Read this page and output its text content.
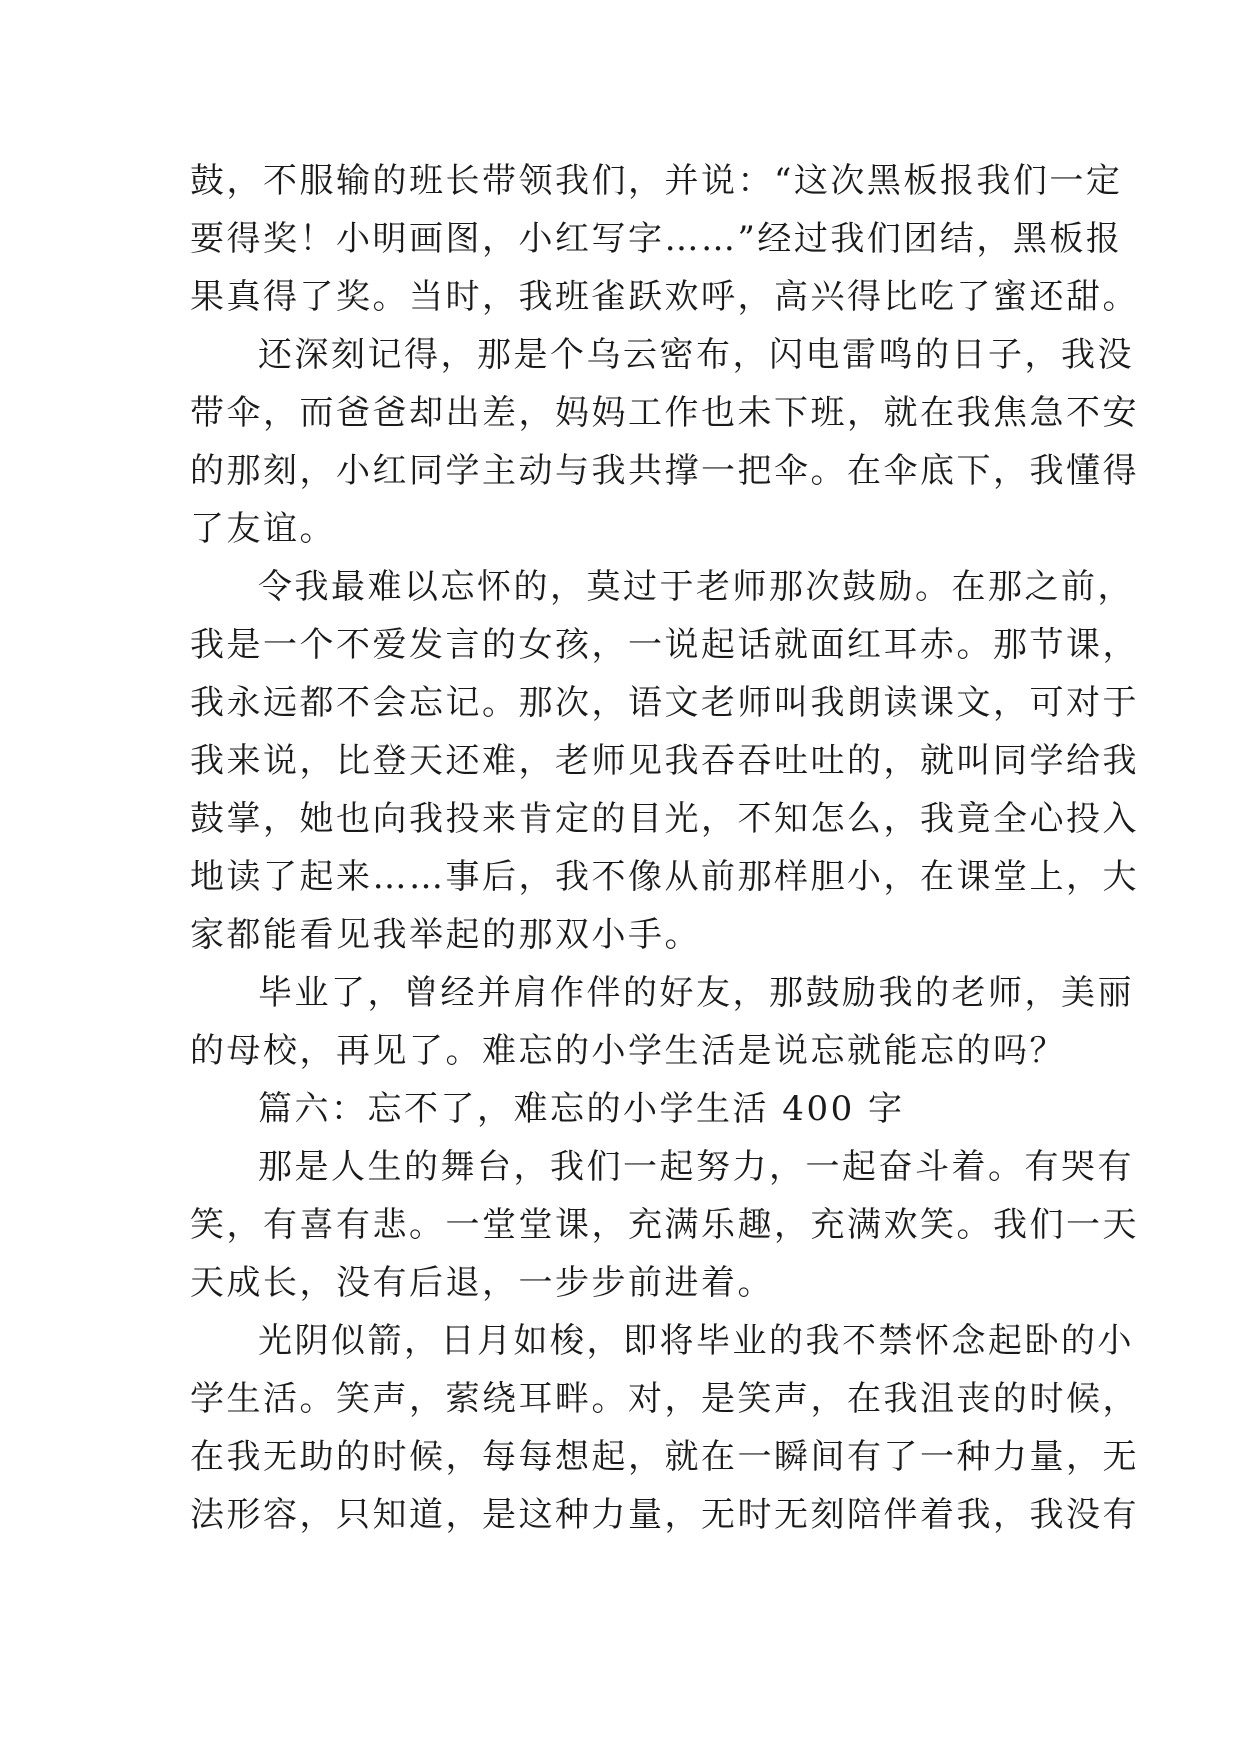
鼓，不服输的班长带领我们，并说：“这次黑板报我们一定
要得奖！小明画图，小红写字……”经过我们团结，黑板报
果真得了奖。当时，我班雀跃欢呼，高兴得比吃了蜜还甜。
还深刻记得，那是个乌云密布，闪电雷鸣的日子，我没
带伞，而爸爸却出差，妈妈工作也未下班，就在我焦急不安
的那刻，小红同学主动与我共撑一把伞。在伞底下，我懂得
了友谊。
令我最难以忘怀的，莫过于老师那次鼓励。在那之前，
我是一个不爱发言的女孩，一说起话就面红耳赤。那节课，
我永远都不会忘记。那次，语文老师叫我朗读课文，可对于
我来说，比登天还难，老师见我吞吞吐吐的，就叫同学给我
鼓掌，她也向我投来肯定的目光，不知怎么，我竟全心投入
地读了起来……事后，我不像从前那样胆小，在课堂上，大
家都能看见我举起的那双小手。
毕业了，曾经并肩作伴的好友，那鼓励我的老师，美丽
的母校，再见了。难忘的小学生活是说忘就能忘的吗？
篇六：忘不了，难忘的小学生活 400 字
那是人生的舞台，我们一起努力，一起奋斗着。有哭有
笑，有喜有悲。一堂堂课，充满乐趣，充满欢笑。我们一天
天成长，没有后退，一步步前进着。
光阴似箭，日月如梭，即将毕业的我不禁怀念起卧的小
学生活。笑声，萦绕耳畔。对，是笑声，在我沮丧的时候，
在我无助的时候，每每想起，就在一瞬间有了一种力量，无
法形容，只知道，是这种力量，无时无刻陪伴着我，我没有
